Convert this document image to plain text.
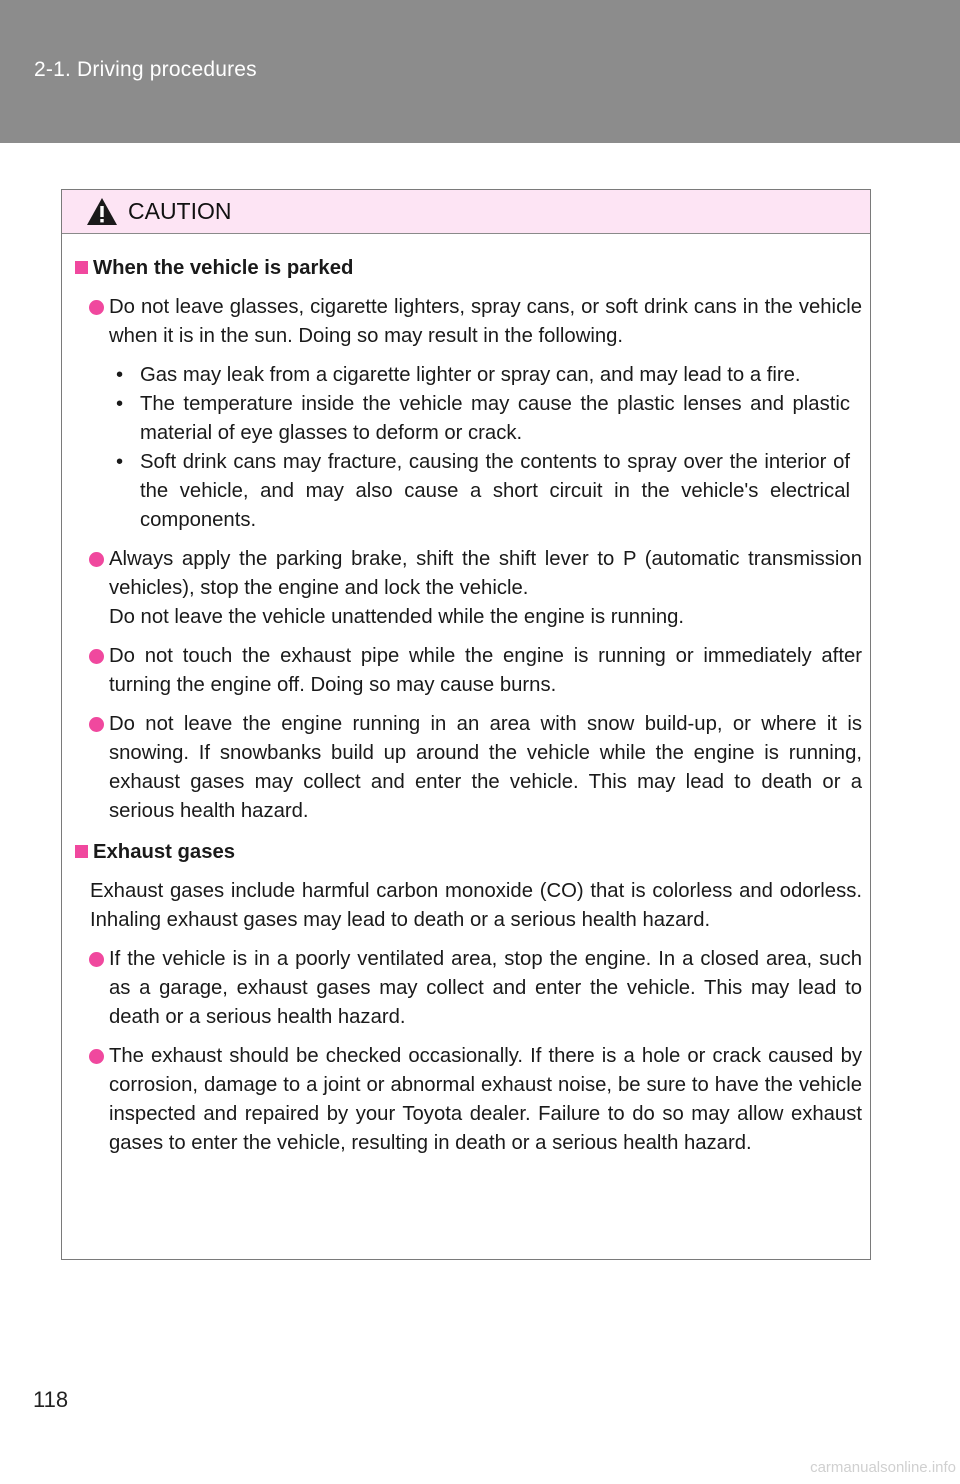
2-1. Driving procedures
CAUTION
When the vehicle is parked
Do not leave glasses, cigarette lighters, spray cans, or soft drink cans in the vehicle when it is in the sun. Doing so may result in the following.
• Gas may leak from a cigarette lighter or spray can, and may lead to a fire.
• The temperature inside the vehicle may cause the plastic lenses and plastic material of eye glasses to deform or crack.
• Soft drink cans may fracture, causing the contents to spray over the interior of the vehicle, and may also cause a short circuit in the vehicle's electrical components.
Always apply the parking brake, shift the shift lever to P (automatic transmission vehicles), stop the engine and lock the vehicle.
Do not leave the vehicle unattended while the engine is running.
Do not touch the exhaust pipe while the engine is running or immediately after turning the engine off. Doing so may cause burns.
Do not leave the engine running in an area with snow build-up, or where it is snowing. If snowbanks build up around the vehicle while the engine is running, exhaust gases may collect and enter the vehicle. This may lead to death or a serious health hazard.
Exhaust gases
Exhaust gases include harmful carbon monoxide (CO) that is colorless and odorless. Inhaling exhaust gases may lead to death or a serious health hazard.
If the vehicle is in a poorly ventilated area, stop the engine. In a closed area, such as a garage, exhaust gases may collect and enter the vehicle. This may lead to death or a serious health hazard.
The exhaust should be checked occasionally. If there is a hole or crack caused by corrosion, damage to a joint or abnormal exhaust noise, be sure to have the vehicle inspected and repaired by your Toyota dealer. Failure to do so may allow exhaust gases to enter the vehicle, resulting in death or a serious health hazard.
118
carmanualsonline.info
